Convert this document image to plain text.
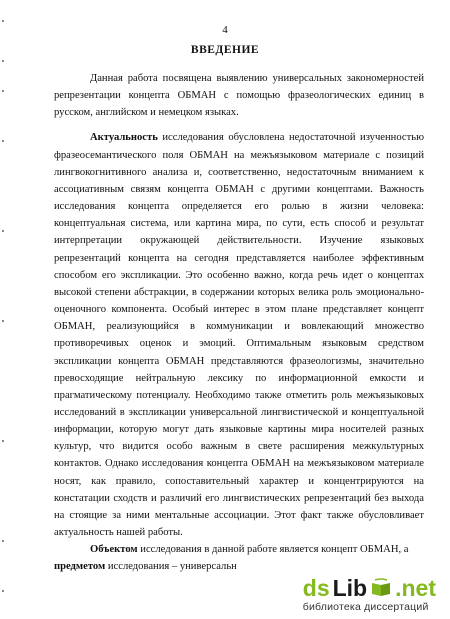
4
ВВЕДЕНИЕ

Данная работа посвящена выявлению универсальных закономерностей репрезентации концепта ОБМАН с помощью фразеологических единиц в русском, английском и немецком языках.

Актуальность исследования обусловлена недостаточной изученностью фразеосемантического поля ОБМАН на межъязыковом материале с позиций лингвокогнитивного анализа и, соответственно, недостаточным вниманием к ассоциативным связям концепта ОБМАН с другими концептами. Важность исследования концепта определяется его ролью в жизни человека: концептуальная система, или картина мира, по сути, есть способ и результат интерпретации окружающей действительности. Изучение языковых репрезентаций концепта на сегодня представляется наиболее эффективным способом его экспликации. Это особенно важно, когда речь идет о концептах высокой степени абстракции, в содержании которых велика роль эмоционально-оценочного компонента. Особый интерес в этом плане представляет концепт ОБМАН, реализующийся в коммуникации и вовлекающий множество противоречивых оценок и эмоций. Оптимальным языковым средством экспликации концепта ОБМАН представляются фразеологизмы, значительно превосходящие нейтральную лексику по информационной емкости и прагматическому потенциалу. Необходимо также отметить роль межъязыковых исследований в экспликации универсальной лингвистической и концептуальной информации, которую могут дать языковые картины мира носителей разных культур, что видится особо важным в свете расширения межкультурных контактов. Однако исследования концепта ОБМАН на межъязыковом материале носят, как правило, сопоставительный характер и концентрируются на констатации сходств и различий его лингвистических репрезентаций без выхода на стоящие за ними ментальные ассоциации. Этот факт также обусловливает актуальность нашей работы.

Объектом исследования в данной работе является концепт ОБМАН, а

предметом исследования – универсальн

ds Lib .net
библиотека диссертаций
